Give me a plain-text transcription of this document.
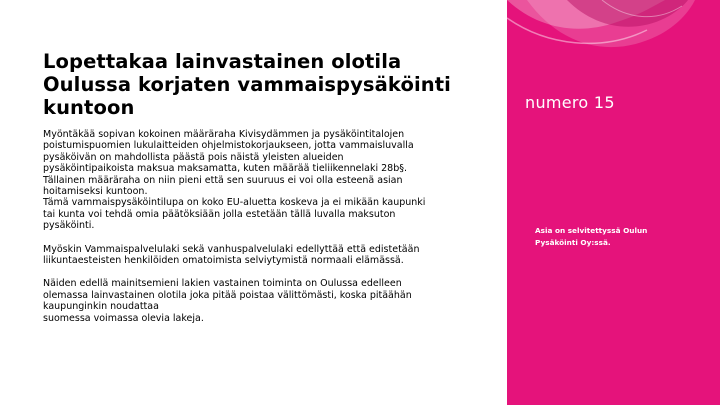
Lopettakaa lainvastainen olotila Oulussa korjaten vammaispysäköinti kuntoon

Myöntäkää sopivan kokoinen määräraha Kivisydämmen ja pysäköintitalojen
poistumispuomien lukulaitteiden ohjelmistokorjaukseen, jotta vammaisluvalla
pysäköivän on mahdollista päästä pois näistä yleisten alueiden
pysäköintipaikoista maksua maksamatta, kuten määrää tieliikennelaki 28b§.
Tällainen määräraha on niin pieni että sen suuruus ei voi olla esteenä asian
hoitamiseksi kuntoon.
Tämä vammaispysäköintilupa on koko EU-aluetta koskeva ja ei mikään kaupunki
tai kunta voi tehdä omia päätöksiään jolla estetään tällä luvalla maksuton
pysäköinti.

Myöskin Vammaispalvelulaki sekä vanhuspalvelulaki edellyttää että edistetään
liikuntaesteisten henkilöiden omatoimista selviytymistä normaali elämässä.

Näiden edellä mainitsemieni lakien vastainen toiminta on Oulussa edelleen
olemassa lainvastainen olotila joka pitää poistaa välittömästi, koska pitäähän
kaupunginkin noudattaa
suomessa voimassa olevia lakeja.

numero 15
Asia on selvitettyssä Oulun
Pysäköinti Oy:ssä.
